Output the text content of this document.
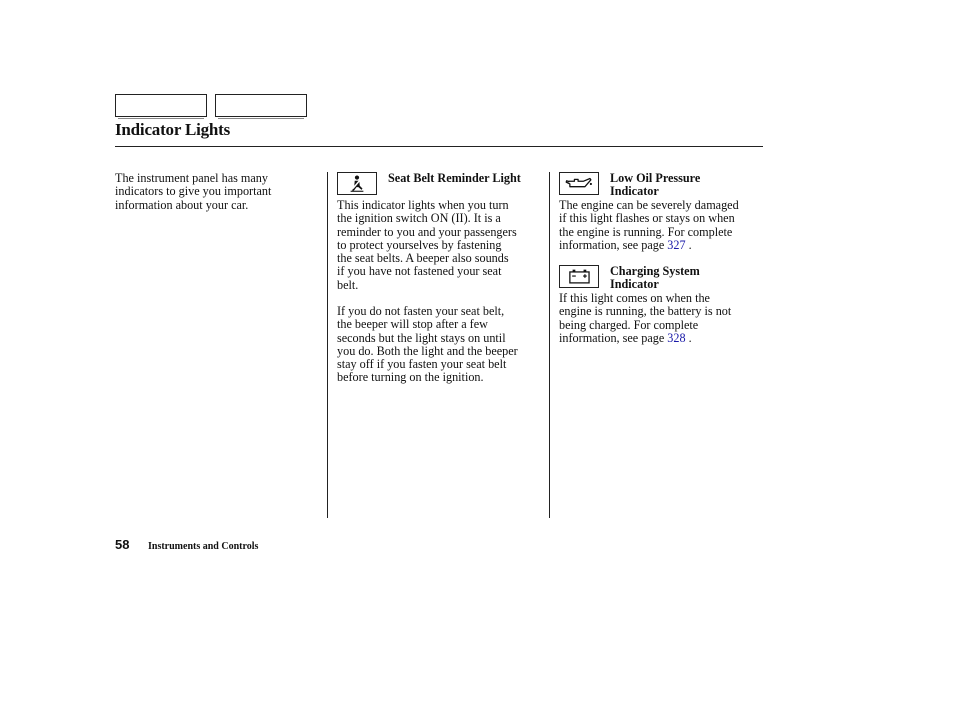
Indicator Lights

The instrument panel has many
indicators to give you important
information about your car.

Seat Belt Reminder Light

This indicator lights when you turn
the ignition switch ON (II). It is a
reminder to you and your passengers
to protect yourselves by fastening
the seat belts. A beeper also sounds
if you have not fastened your seat
belt.

If you do not fasten your seat belt,
the beeper will stop after a few
seconds but the light stays on until
you do. Both the light and the beeper
stay off if you fasten your seat belt
before turning on the ignition.

Low Oil Pressure
Indicator

The engine can be severely damaged
if this light flashes or stays on when
the engine is running. For complete
information, see page 327 .

Charging System
Indicator

If this light comes on when the
engine is running, the battery is not
being charged. For complete
information, see page 328 .

58 Instruments and Controls
